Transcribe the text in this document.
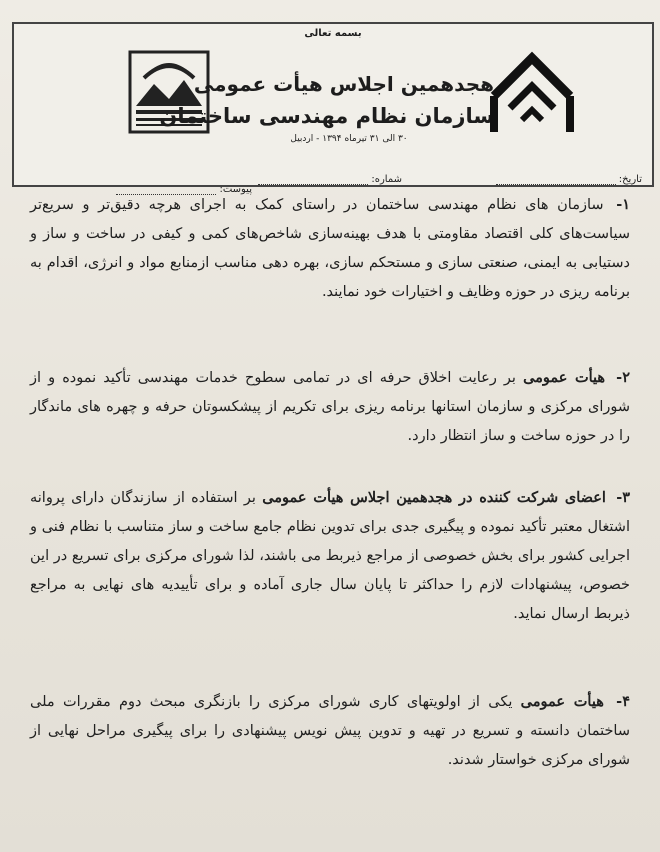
بسمه تعالی
هجدهمین اجلاس هیأت عمومی
سازمان نظام مهندسی ساختمان
۳۰ الی ۳۱ تیرماه ۱۳۹۴ - اردبیل
تاریخ:
شماره:
پیوست:

۱- سازمان های نظام مهندسی ساختمان در راستای کمک به اجرای هرچه دقیق‌تر و سریع‌تر سیاست‌های کلی اقتصاد مقاومتی با هدف بهینه‌سازی شاخص‌های کمی و کیفی در ساخت و ساز و دستیابی به ایمنی، صنعتی سازی و مستحکم سازی، بهره دهی مناسب ازمنابع مواد و انرژی، اقدام به برنامه ریزی در حوزه وظایف و اختیارات خود نمایند.

۲- هیأت عمومی بر رعایت اخلاق حرفه ای در تمامی سطوح خدمات مهندسی تأکید نموده و از شورای مرکزی و سازمان استانها برنامه ریزی برای تکریم از پیشکسوتان حرفه و چهره های ماندگار را در حوزه ساخت و ساز انتظار دارد.

۳- اعضای شرکت کننده در هجدهمین اجلاس هیأت عمومی بر استفاده از سازندگان دارای پروانه اشتغال معتبر تأکید نموده و پیگیری جدی برای تدوین نظام جامع ساخت و ساز متناسب با نظام فنی و اجرایی کشور برای بخش خصوصی از مراجع ذیربط می باشند، لذا شورای مرکزی برای تسریع در این خصوص، پیشنهادات لازم را حداکثر تا پایان سال جاری آماده و برای تأییدیه های نهایی به مراجع ذیربط ارسال نماید.

۴- هیأت عمومی یکی از اولویتهای کاری شورای مرکزی را بازنگری مبحث دوم مقررات ملی ساختمان دانسته و تسریع در تهیه و تدوین پیش نویس پیشنهادی را برای پیگیری مراحل نهایی از شورای مرکزی خواستار شدند.
